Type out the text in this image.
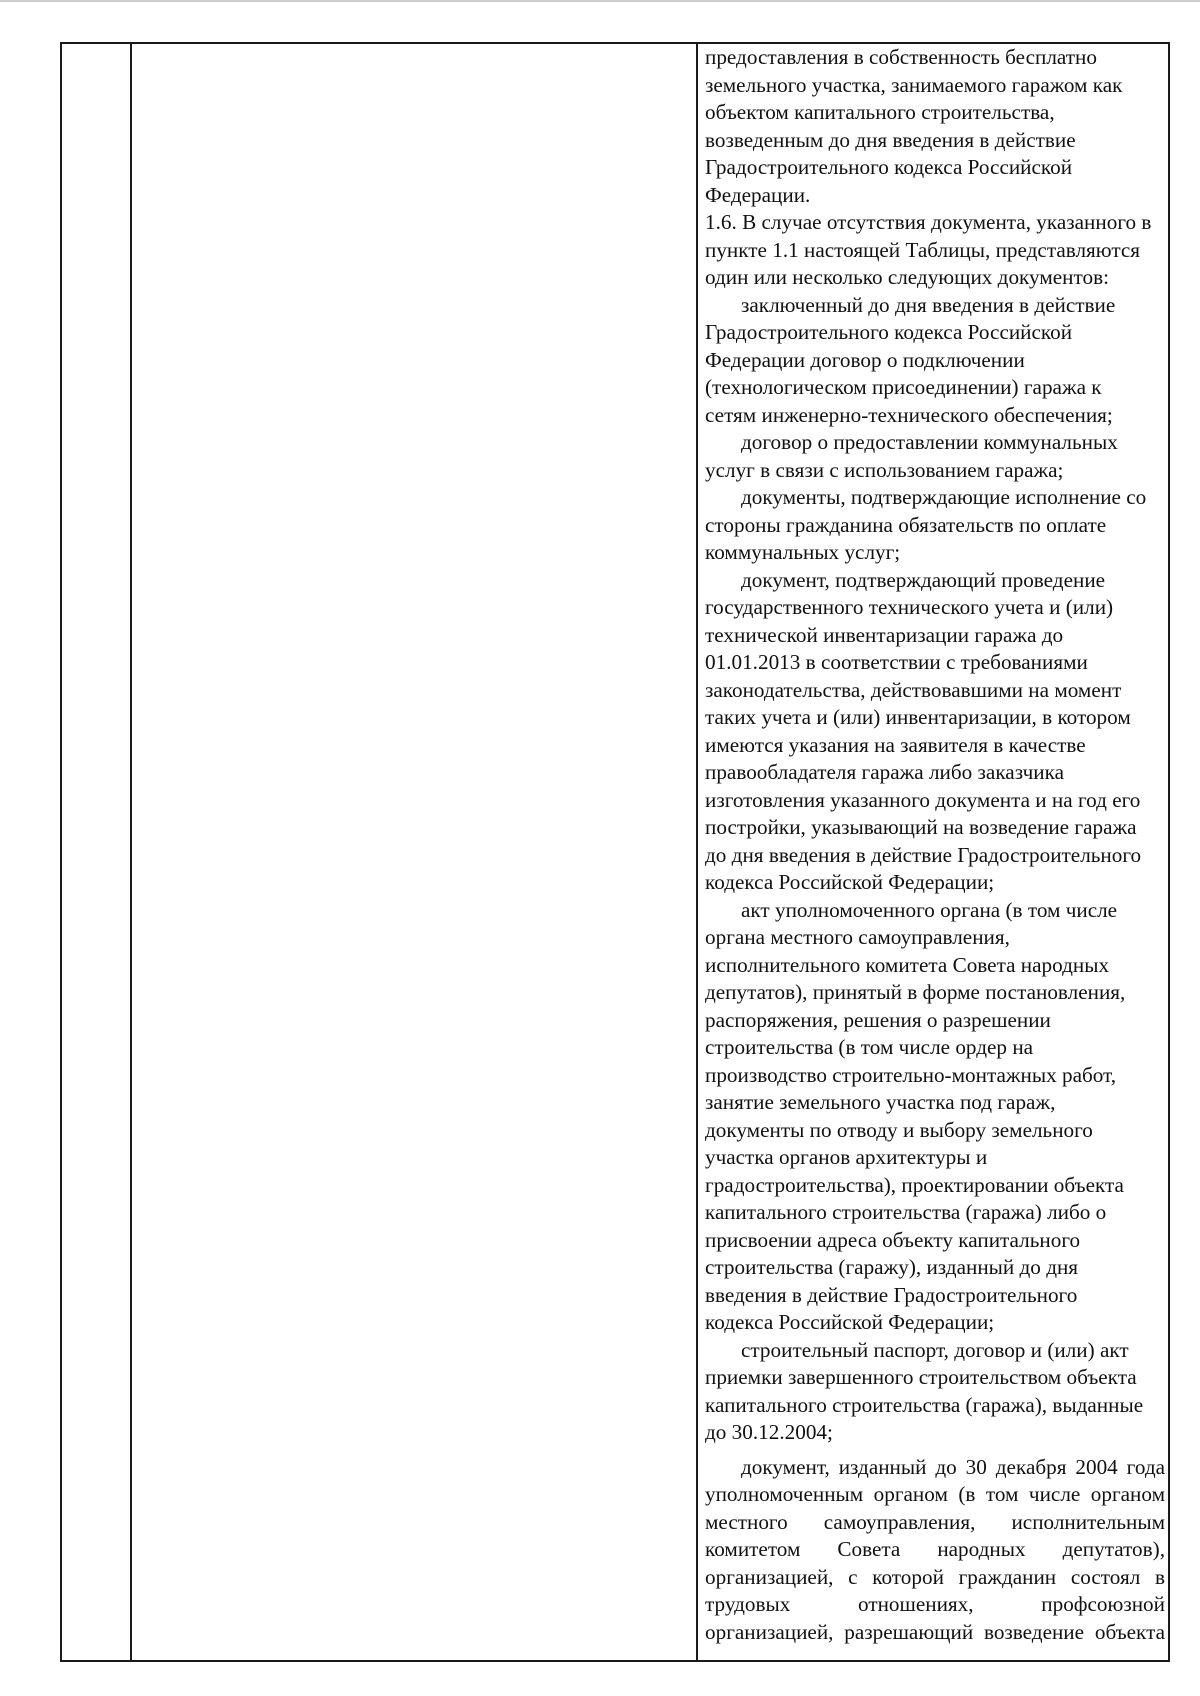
предоставления в собственность бесплатно
земельного участка, занимаемого гаражом как
объектом капитального строительства,
возведенным до дня введения в действие
Градостроительного кодекса Российской
Федерации.
1.6. В случае отсутствия документа, указанного в
пункте 1.1 настоящей Таблицы, представляются
один или несколько следующих документов:
заключенный до дня введения в действие
Градостроительного кодекса Российской
Федерации договор о подключении
(технологическом присоединении) гаража к
сетям инженерно-технического обеспечения;
договор о предоставлении коммунальных
услуг в связи с использованием гаража;
документы, подтверждающие исполнение со
стороны гражданина обязательств по оплате
коммунальных услуг;
документ, подтверждающий проведение
государственного технического учета и (или)
технической инвентаризации гаража до
01.01.2013 в соответствии с требованиями
законодательства, действовавшими на момент
таких учета и (или) инвентаризации, в котором
имеются указания на заявителя в качестве
правообладателя гаража либо заказчика
изготовления указанного документа и на год его
постройки, указывающий на возведение гаража
до дня введения в действие Градостроительного
кодекса Российской Федерации;
акт уполномоченного органа (в том числе
органа местного самоуправления,
исполнительного комитета Совета народных
депутатов), принятый в форме постановления,
распоряжения, решения о разрешении
строительства (в том числе ордер на
производство строительно-монтажных работ,
занятие земельного участка под гараж,
документы по отводу и выбору земельного
участка органов архитектуры и
градостроительства), проектировании объекта
капитального строительства (гаража) либо о
присвоении адреса объекту капитального
строительства (гаражу), изданный до дня
введения в действие Градостроительного
кодекса Российской Федерации;
строительный паспорт, договор и (или) акт
приемки завершенного строительством объекта
капитального строительства (гаража), выданные
до 30.12.2004;
документ, изданный до 30 декабря 2004 года
уполномоченным органом (в том числе органом
местного самоуправления, исполнительным
комитетом Совета народных депутатов),
организацией, с которой гражданин состоял в
трудовых отношениях, профсоюзной
организацией, разрешающий возведение объекта
